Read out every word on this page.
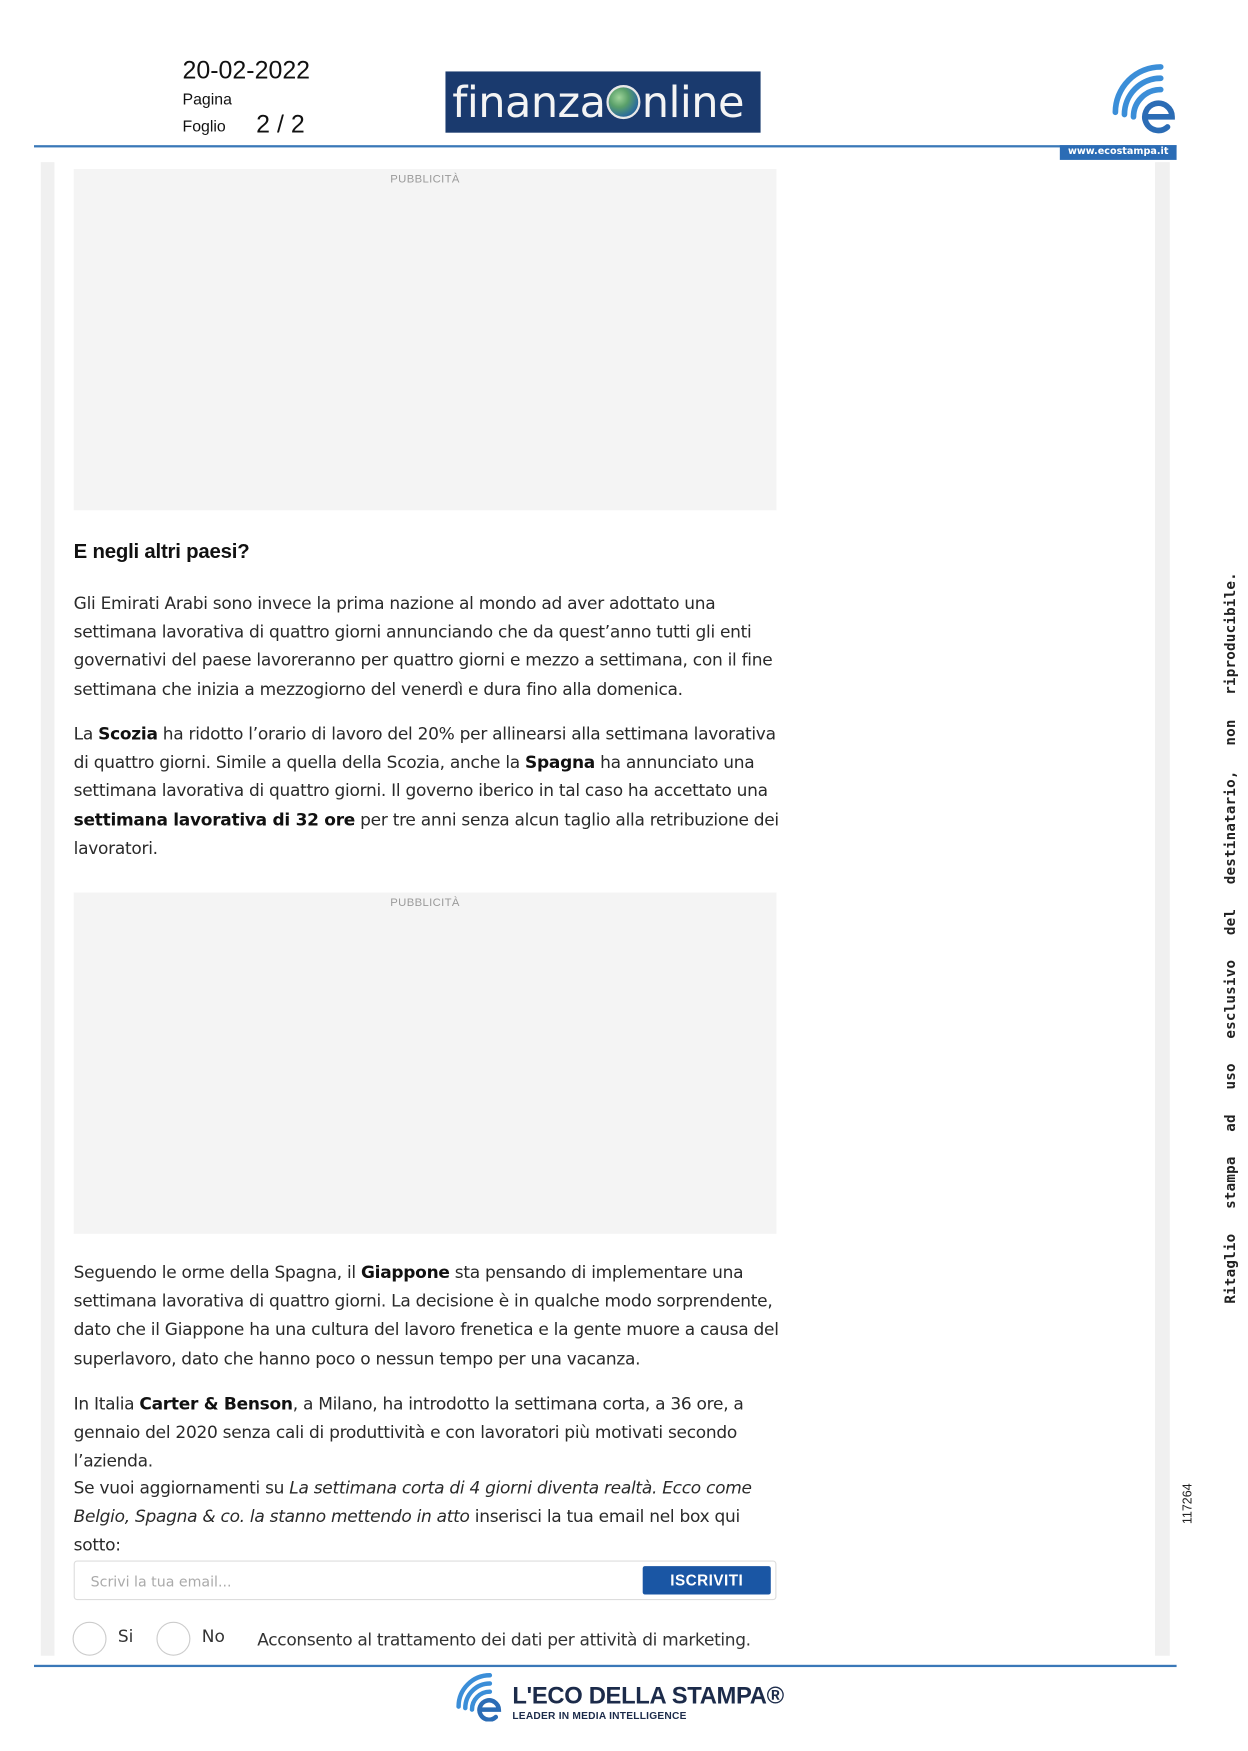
20-02-2022
Pagina
Foglio 2 / 2	finanza nline
www.ecostampa.it
PUBBLICITÀ
E negli altri paesi?

Gli Emirati Arabi sono invece la prima nazione al mondo ad aver adottato una settimana lavorativa di quattro giorni annunciando che da quest’anno tutti gli enti governativi del paese lavoreranno per quattro giorni e mezzo a settimana, con il fine settimana che inizia a mezzogiorno del venerdì e dura fino alla domenica.

La Scozia ha ridotto l’orario di lavoro del 20% per allinearsi alla settimana lavorativa di quattro giorni. Simile a quella della Scozia, anche la Spagna ha annunciato una settimana lavorativa di quattro giorni. Il governo iberico in tal caso ha accettato una settimana lavorativa di 32 ore per tre anni senza alcun taglio alla retribuzione dei lavoratori.

PUBBLICITÀ

Seguendo le orme della Spagna, il Giappone sta pensando di implementare una settimana lavorativa di quattro giorni. La decisione è in qualche modo sorprendente, dato che il Giappone ha una cultura del lavoro frenetica e la gente muore a causa del superlavoro, dato che hanno poco o nessun tempo per una vacanza.

In Italia Carter & Benson, a Milano, ha introdotto la settimana corta, a 36 ore, a gennaio del 2020 senza cali di produttività e con lavoratori più motivati secondo l’azienda.

Se vuoi aggiornamenti su La settimana corta di 4 giorni diventa realtà. Ecco come Belgio, Spagna & co. la stanno mettendo in atto inserisci la tua email nel box qui sotto:

Scrivi la tua email...
ISCRIVITI
Si	No Acconsento al trattamento dei dati per attività di marketing.
L'ECO DELLA STAMPA®
LEADER IN MEDIA INTELLIGENCE
Ritaglio stampa ad uso esclusivo del destinatario, non riproducibile.
117264
